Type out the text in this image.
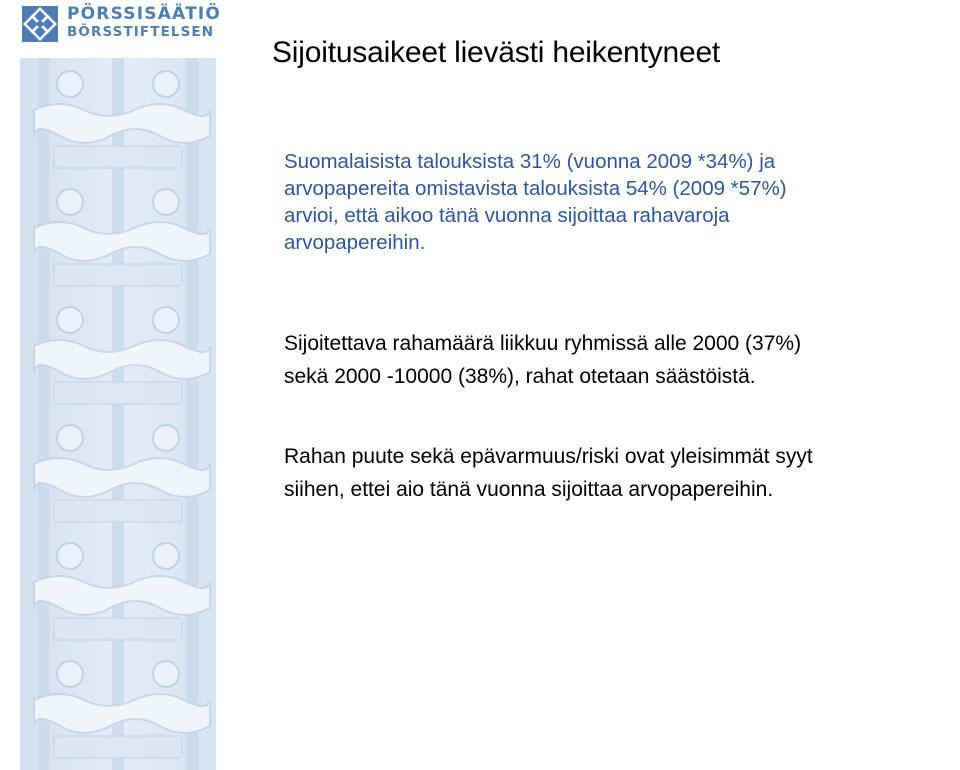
PÖRSSISÄÄTIÖ
BÖRSSTIFTELSEN
Sijoitusaikeet lievästi heikentyneet

Suomalaisista talouksista 31% (vuonna 2009 *34%) ja
arvopapereita omistavista talouksista 54% (2009 *57%)
arvioi, että aikoo tänä vuonna sijoittaa rahavaroja
arvopapereihin.

Sijoitettava rahamäärä liikkuu ryhmissä alle 2000 (37%)
sekä 2000 -10000 (38%), rahat otetaan säästöistä.

Rahan puute sekä epävarmuus/riski ovat yleisimmät syyt
siihen, ettei aio tänä vuonna sijoittaa arvopapereihin.
